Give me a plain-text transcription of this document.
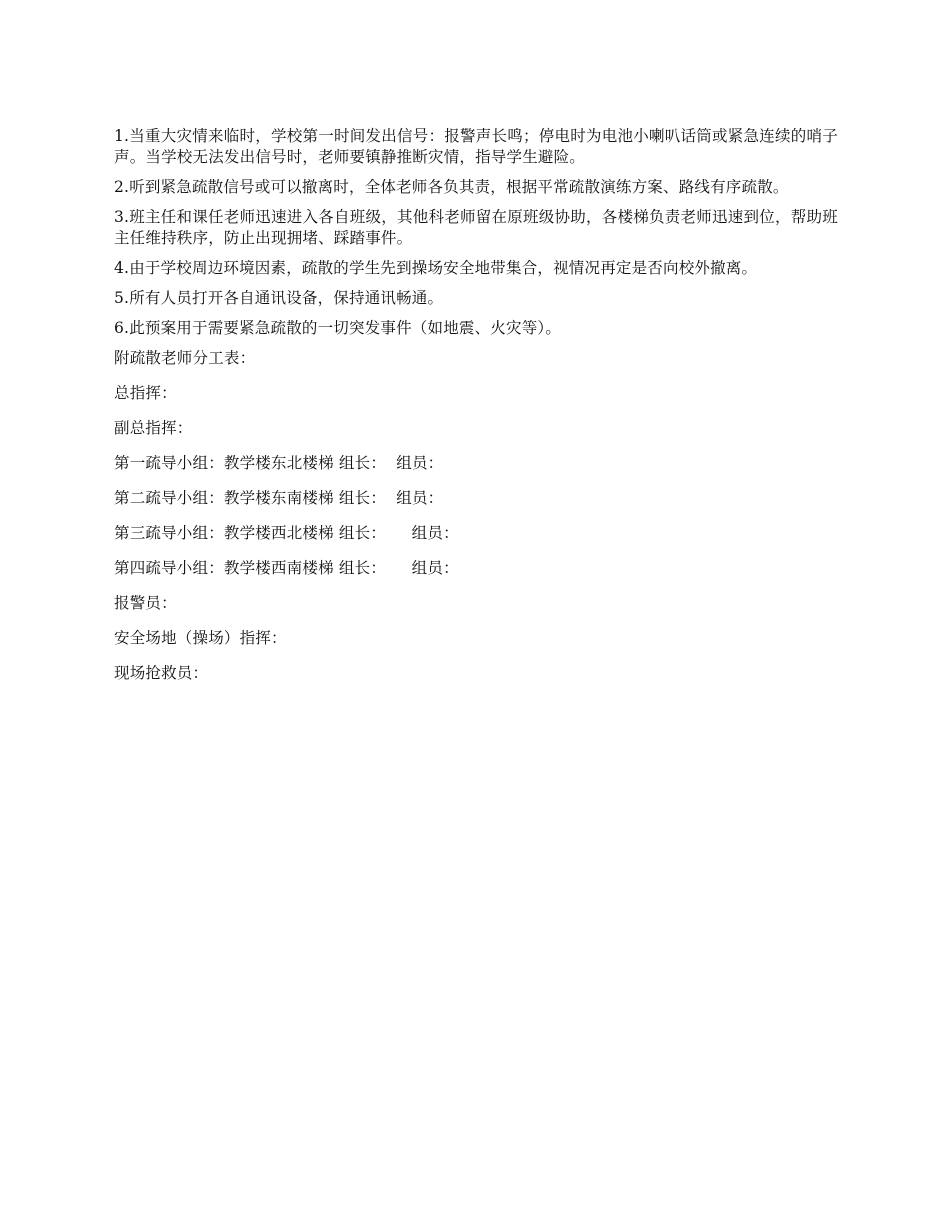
1.当重大灾情来临时，学校第一时间发出信号：报警声长鸣；停电时为电池小喇叭话筒或紧急连续的哨子声。当学校无法发出信号时，老师要镇静推断灾情，指导学生避险。

2.听到紧急疏散信号或可以撤离时，全体老师各负其责，根据平常疏散演练方案、路线有序疏散。

3.班主任和课任老师迅速进入各自班级，其他科老师留在原班级协助，各楼梯负责老师迅速到位，帮助班主任维持秩序，防止出现拥堵、踩踏事件。

4.由于学校周边环境因素，疏散的学生先到操场安全地带集合，视情况再定是否向校外撤离。

5.所有人员打开各自通讯设备，保持通讯畅通。

6.此预案用于需要紧急疏散的一切突发事件（如地震、火灾等）。

附疏散老师分工表：

总指挥：

副总指挥：

第一疏导小组：教学楼东北楼梯 组长：  组员：

第二疏导小组：教学楼东南楼梯 组长：  组员：

第三疏导小组：教学楼西北楼梯 组长：     组员：

第四疏导小组：教学楼西南楼梯 组长：     组员：

报警员：

安全场地（操场）指挥：

现场抢救员：
